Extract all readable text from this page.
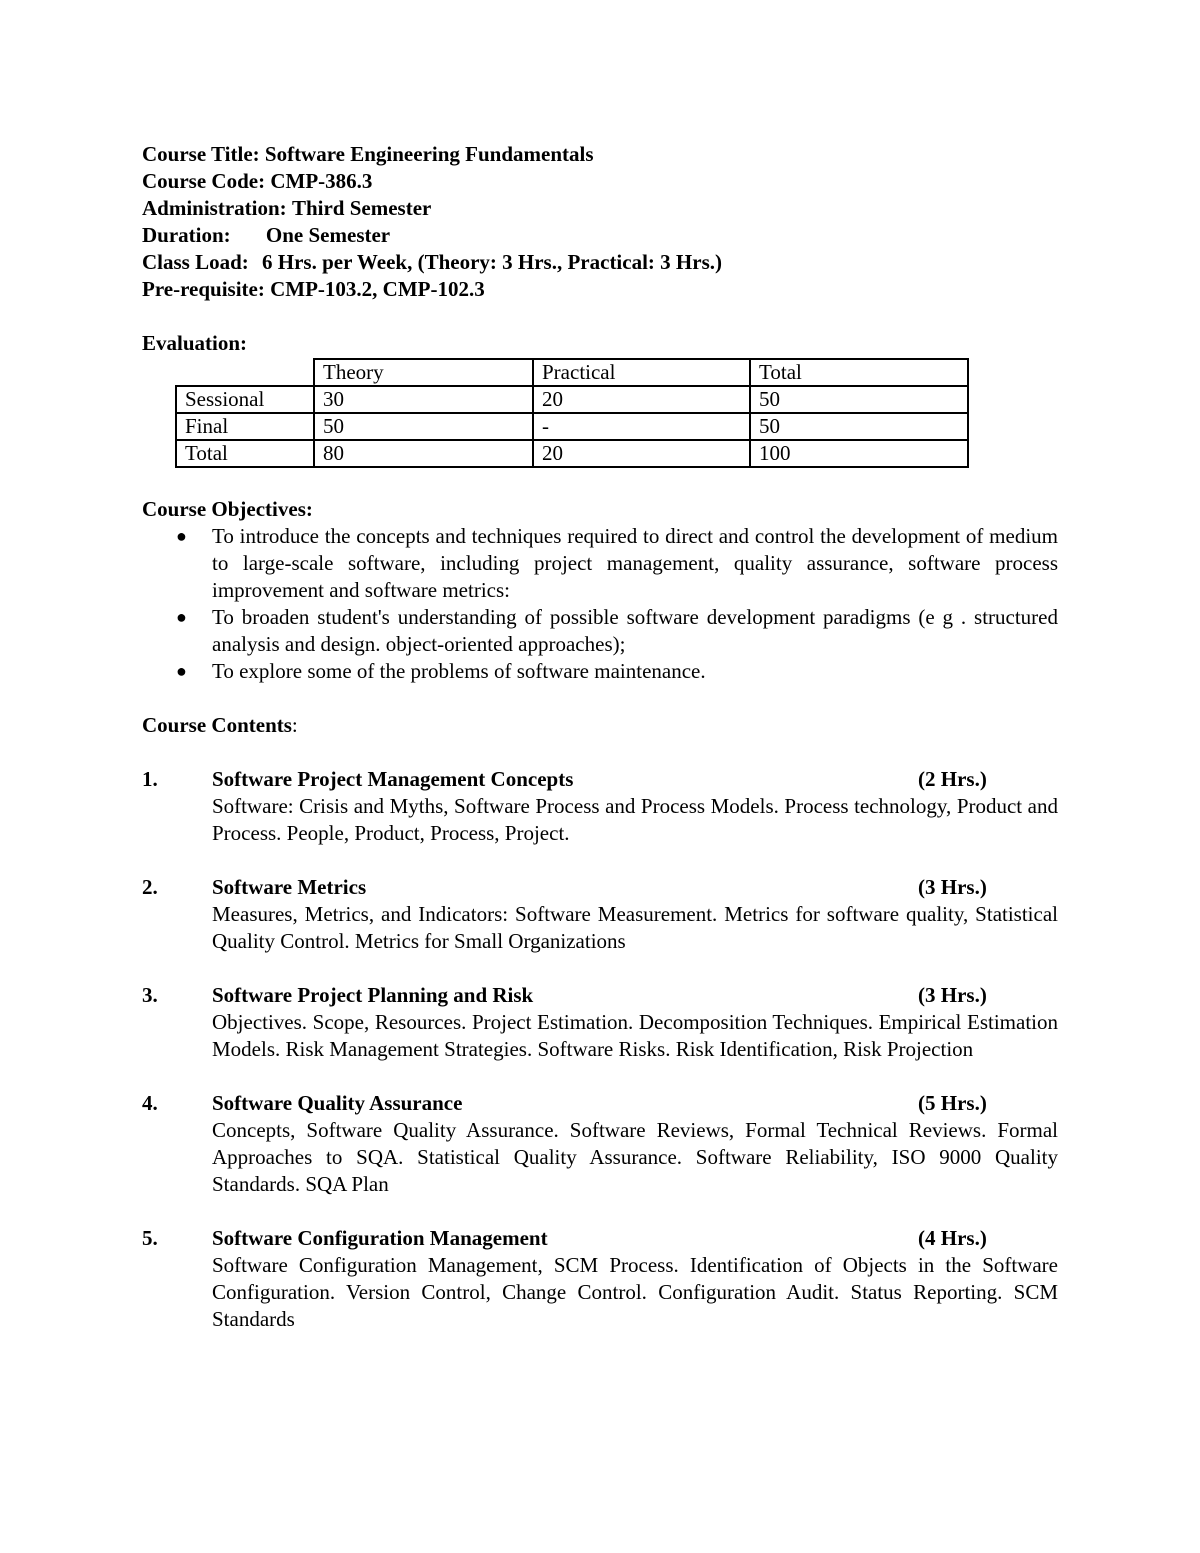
Course Title: Software Engineering Fundamentals
Course Code: CMP-386.3
Administration: Third Semester
Duration: One Semester
Class Load: 6 Hrs. per Week, (Theory: 3 Hrs., Practical: 3 Hrs.)
Pre-requisite: CMP-103.2, CMP-102.3
Evaluation:
	Theory	Practical	Total
Sessional	30	20	50
Final	50	-	50
Total	80	20	100
Course Objectives:
● To introduce the concepts and techniques required to direct and control the development of medium to large-scale software, including project management, quality assurance, software process improvement and software metrics:
● To broaden student's understanding of possible software development paradigms (e g . structured analysis and design. object-oriented approaches);
● To explore some of the problems of software maintenance.
Course Contents:
1.	Software Project Management Concepts	(2 Hrs.)
Software: Crisis and Myths, Software Process and Process Models. Process technology, Product and Process. People, Product, Process, Project.
2.	Software Metrics	(3 Hrs.)
Measures, Metrics, and Indicators: Software Measurement. Metrics for software quality, Statistical Quality Control. Metrics for Small Organizations
3.	Software Project Planning and Risk	(3 Hrs.)
Objectives. Scope, Resources. Project Estimation. Decomposition Techniques. Empirical Estimation Models. Risk Management Strategies. Software Risks. Risk Identification, Risk Projection
4.	Software Quality Assurance	(5 Hrs.)
Concepts, Software Quality Assurance. Software Reviews, Formal Technical Reviews. Formal Approaches to SQA. Statistical Quality Assurance. Software Reliability, ISO 9000 Quality Standards. SQA Plan
5.	Software Configuration Management	(4 Hrs.)
Software Configuration Management, SCM Process. Identification of Objects in the Software Configuration. Version Control, Change Control. Configuration Audit. Status Reporting. SCM Standards
